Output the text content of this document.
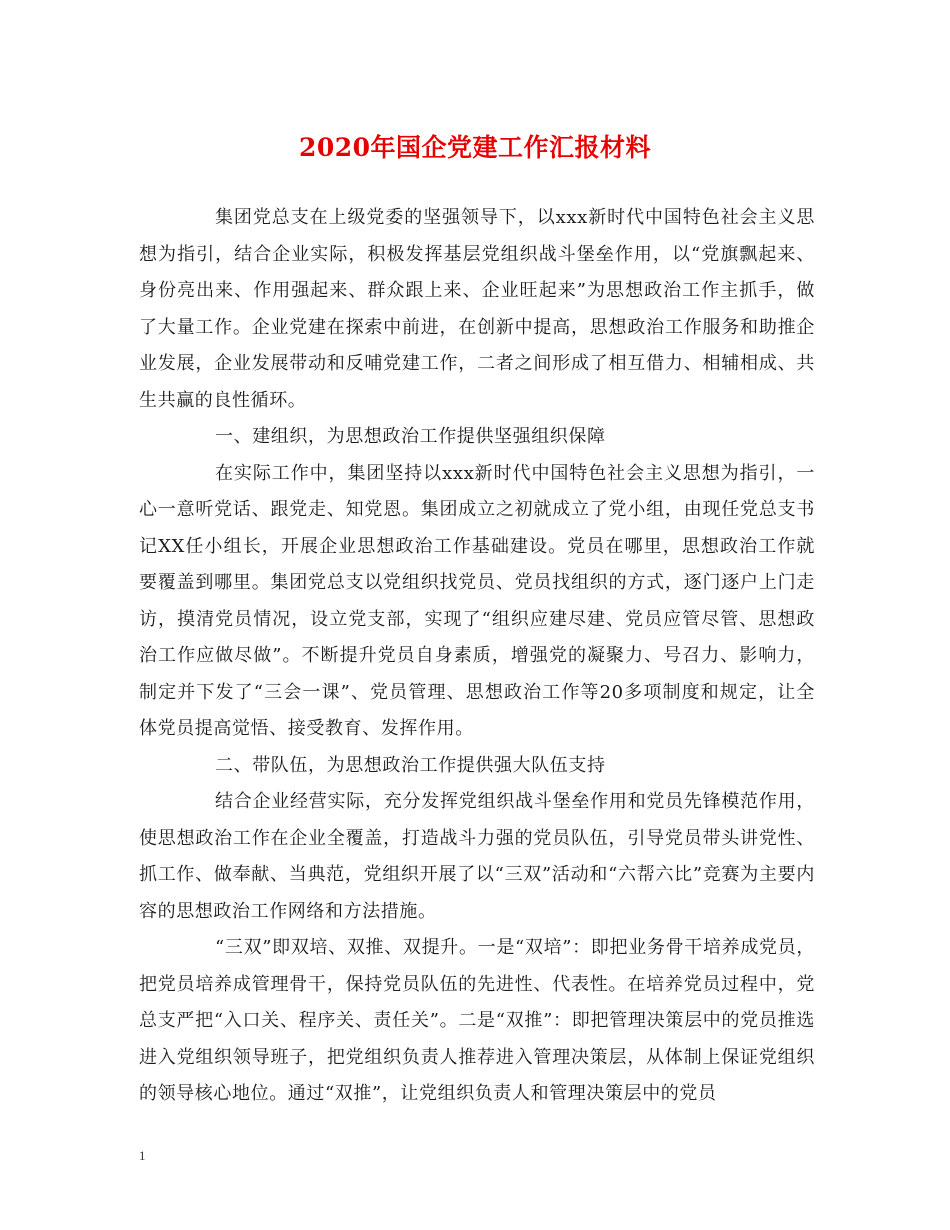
2020年国企党建工作汇报材料

集团党总支在上级党委的坚强领导下，以xxx新时代中国特色社会主义思想为指引，结合企业实际，积极发挥基层党组织战斗堡垒作用，以“党旗飘起来、身份亮出来、作用强起来、群众跟上来、企业旺起来”为思想政治工作主抓手，做了大量工作。企业党建在探索中前进，在创新中提高，思想政治工作服务和助推企业发展，企业发展带动和反哺党建工作，二者之间形成了相互借力、相辅相成、共生共赢的良性循环。

一、建组织，为思想政治工作提供坚强组织保障

在实际工作中，集团坚持以xxx新时代中国特色社会主义思想为指引，一心一意听党话、跟党走、知党恩。集团成立之初就成立了党小组，由现任党总支书记XX任小组长，开展企业思想政治工作基础建设。党员在哪里，思想政治工作就要覆盖到哪里。集团党总支以党组织找党员、党员找组织的方式，逐门逐户上门走访，摸清党员情况，设立党支部，实现了“组织应建尽建、党员应管尽管、思想政治工作应做尽做”。不断提升党员自身素质，增强党的凝聚力、号召力、影响力，制定并下发了“三会一课”、党员管理、思想政治工作等20多项制度和规定，让全体党员提高觉悟、接受教育、发挥作用。

二、带队伍，为思想政治工作提供强大队伍支持

结合企业经营实际，充分发挥党组织战斗堡垒作用和党员先锋模范作用，使思想政治工作在企业全覆盖，打造战斗力强的党员队伍，引导党员带头讲党性、抓工作、做奉献、当典范，党组织开展了以“三双”活动和“六帮六比”竞赛为主要内容的思想政治工作网络和方法措施。

“三双”即双培、双推、双提升。一是“双培”：即把业务骨干培养成党员，把党员培养成管理骨干，保持党员队伍的先进性、代表性。在培养党员过程中，党总支严把“入口关、程序关、责任关”。二是“双推”：即把管理决策层中的党员推选进入党组织领导班子，把党组织负责人推荐进入管理决策层，从体制上保证党组织的领导核心地位。通过“双推”，让党组织负责人和管理决策层中的党员

1
